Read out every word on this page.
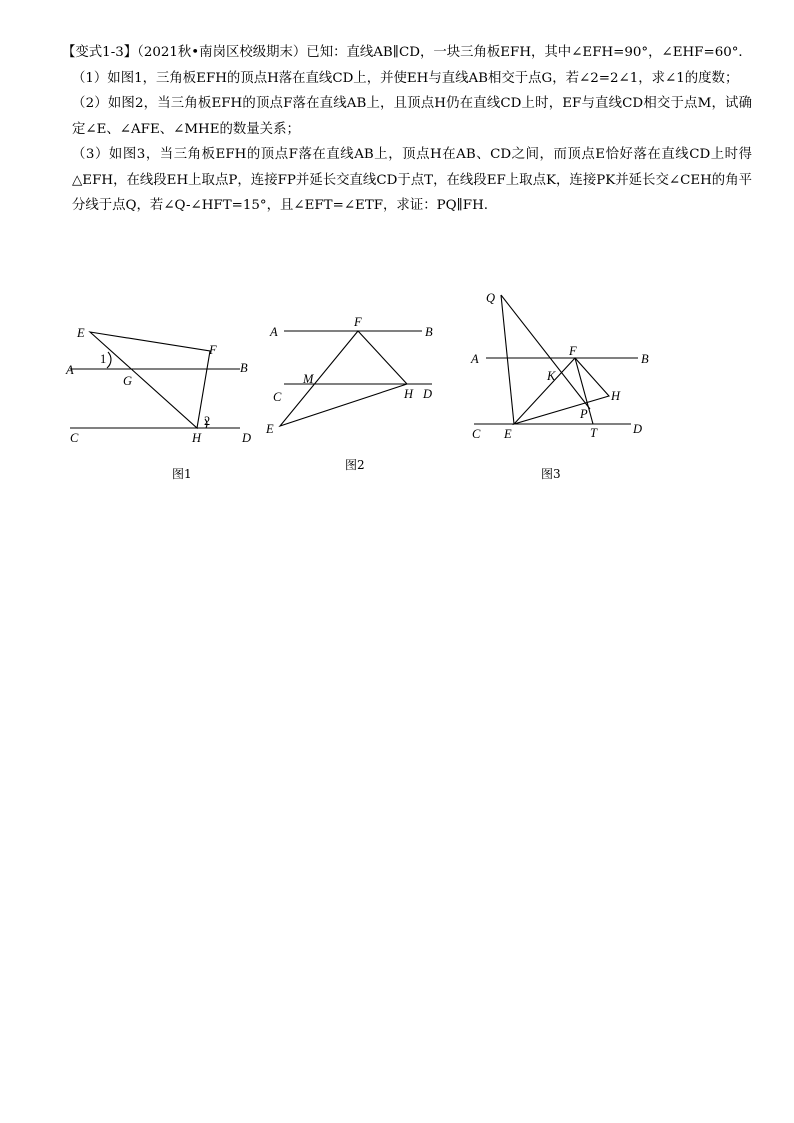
【变式1-3】（2021秋•南岗区校级期末）已知：直线AB∥CD，一块三角板EFH，其中∠EFH=90°，∠EHF=60°．

（1）如图1，三角板EFH的顶点H落在直线CD上，并使EH与直线AB相交于点G，若∠2=2∠1，求∠1的度数；

（2）如图2，当三角板EFH的顶点F落在直线AB上，且顶点H仍在直线CD上时，EF与直线CD相交于点M，试确定∠E、∠AFE、∠MHE的数量关系；

（3）如图3，当三角板EFH的顶点F落在直线AB上，顶点H在AB、CD之间，而顶点E恰好落在直线CD上时得△EFH，在线段EH上取点P，连接FP并延长交直线CD于点T，在线段EF上取点K，连接PK并延长交∠CEH的角平分线于点Q，若∠Q-∠HFT=15°，且∠EFT=∠ETF，求证：PQ∥FH.

E
F
A	B
G
C	D
H
1
2
图1
A
F
B
M
C	H D
E
图2
Q
A
F
B
K
H
P
C E	T	D
图3
